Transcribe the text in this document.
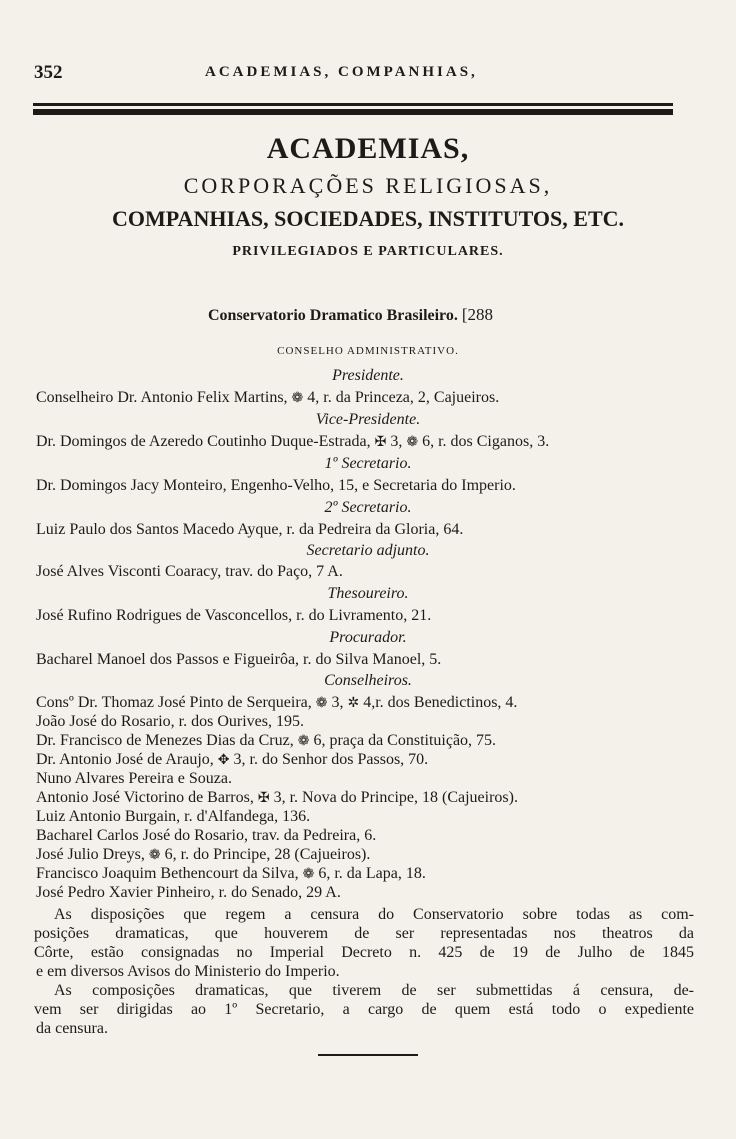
352	ACADEMIAS, COMPANHIAS,
ACADEMIAS,
CORPORAÇÕES RELIGIOSAS,
COMPANHIAS, SOCIEDADES, INSTITUTOS, ETC.
PRIVILEGIADOS E PARTICULARES.
Conservatorio Dramatico Brasileiro. [288
CONSELHO ADMINISTRATIVO.
Presidente.
Conselheiro Dr. Antonio Felix Martins, ❁ 4, r. da Princeza, 2, Cajueiros.
Vice-Presidente.
Dr. Domingos de Azeredo Coutinho Duque-Estrada, ✠ 3, ❁ 6, r. dos Ciganos, 3.
1º Secretario.
Dr. Domingos Jacy Monteiro, Engenho-Velho, 15, e Secretaria do Imperio.
2º Secretario.
Luiz Paulo dos Santos Macedo Ayque, r. da Pedreira da Gloria, 64.
Secretario adjunto.
José Alves Visconti Coaracy, trav. do Paço, 7 A.
Thesoureiro.
José Rufino Rodrigues de Vasconcellos, r. do Livramento, 21.
Procurador.
Bacharel Manoel dos Passos e Figueirôa, r. do Silva Manoel, 5.
Conselheiros.
Consº Dr. Thomaz José Pinto de Serqueira, ❁ 3, ✲ 4,r. dos Benedictinos, 4.
João José do Rosario, r. dos Ourives, 195.
Dr. Francisco de Menezes Dias da Cruz, ❁ 6, praça da Constituição, 75.
Dr. Antonio José de Araujo, ✥ 3, r. do Senhor dos Passos, 70.
Nuno Alvares Pereira e Souza.
Antonio José Victorino de Barros, ✠ 3, r. Nova do Principe, 18 (Cajueiros).
Luiz Antonio Burgain, r. d'Alfandega, 136.
Bacharel Carlos José do Rosario, trav. da Pedreira, 6.
José Julio Dreys, ❁ 6, r. do Principe, 28 (Cajueiros).
Francisco Joaquim Bethencourt da Silva, ❁ 6, r. da Lapa, 18.
José Pedro Xavier Pinheiro, r. do Senado, 29 A.
As disposições que regem a censura do Conservatorio sobre todas as com-
posições dramaticas, que houverem de ser representadas nos theatros da
Côrte, estão consignadas no Imperial Decreto n. 425 de 19 de Julho de 1845
e em diversos Avisos do Ministerio do Imperio.
As composições dramaticas, que tiverem de ser submettidas á censura, de-
vem ser dirigidas ao 1º Secretario, a cargo de quem está todo o expediente
da censura.
